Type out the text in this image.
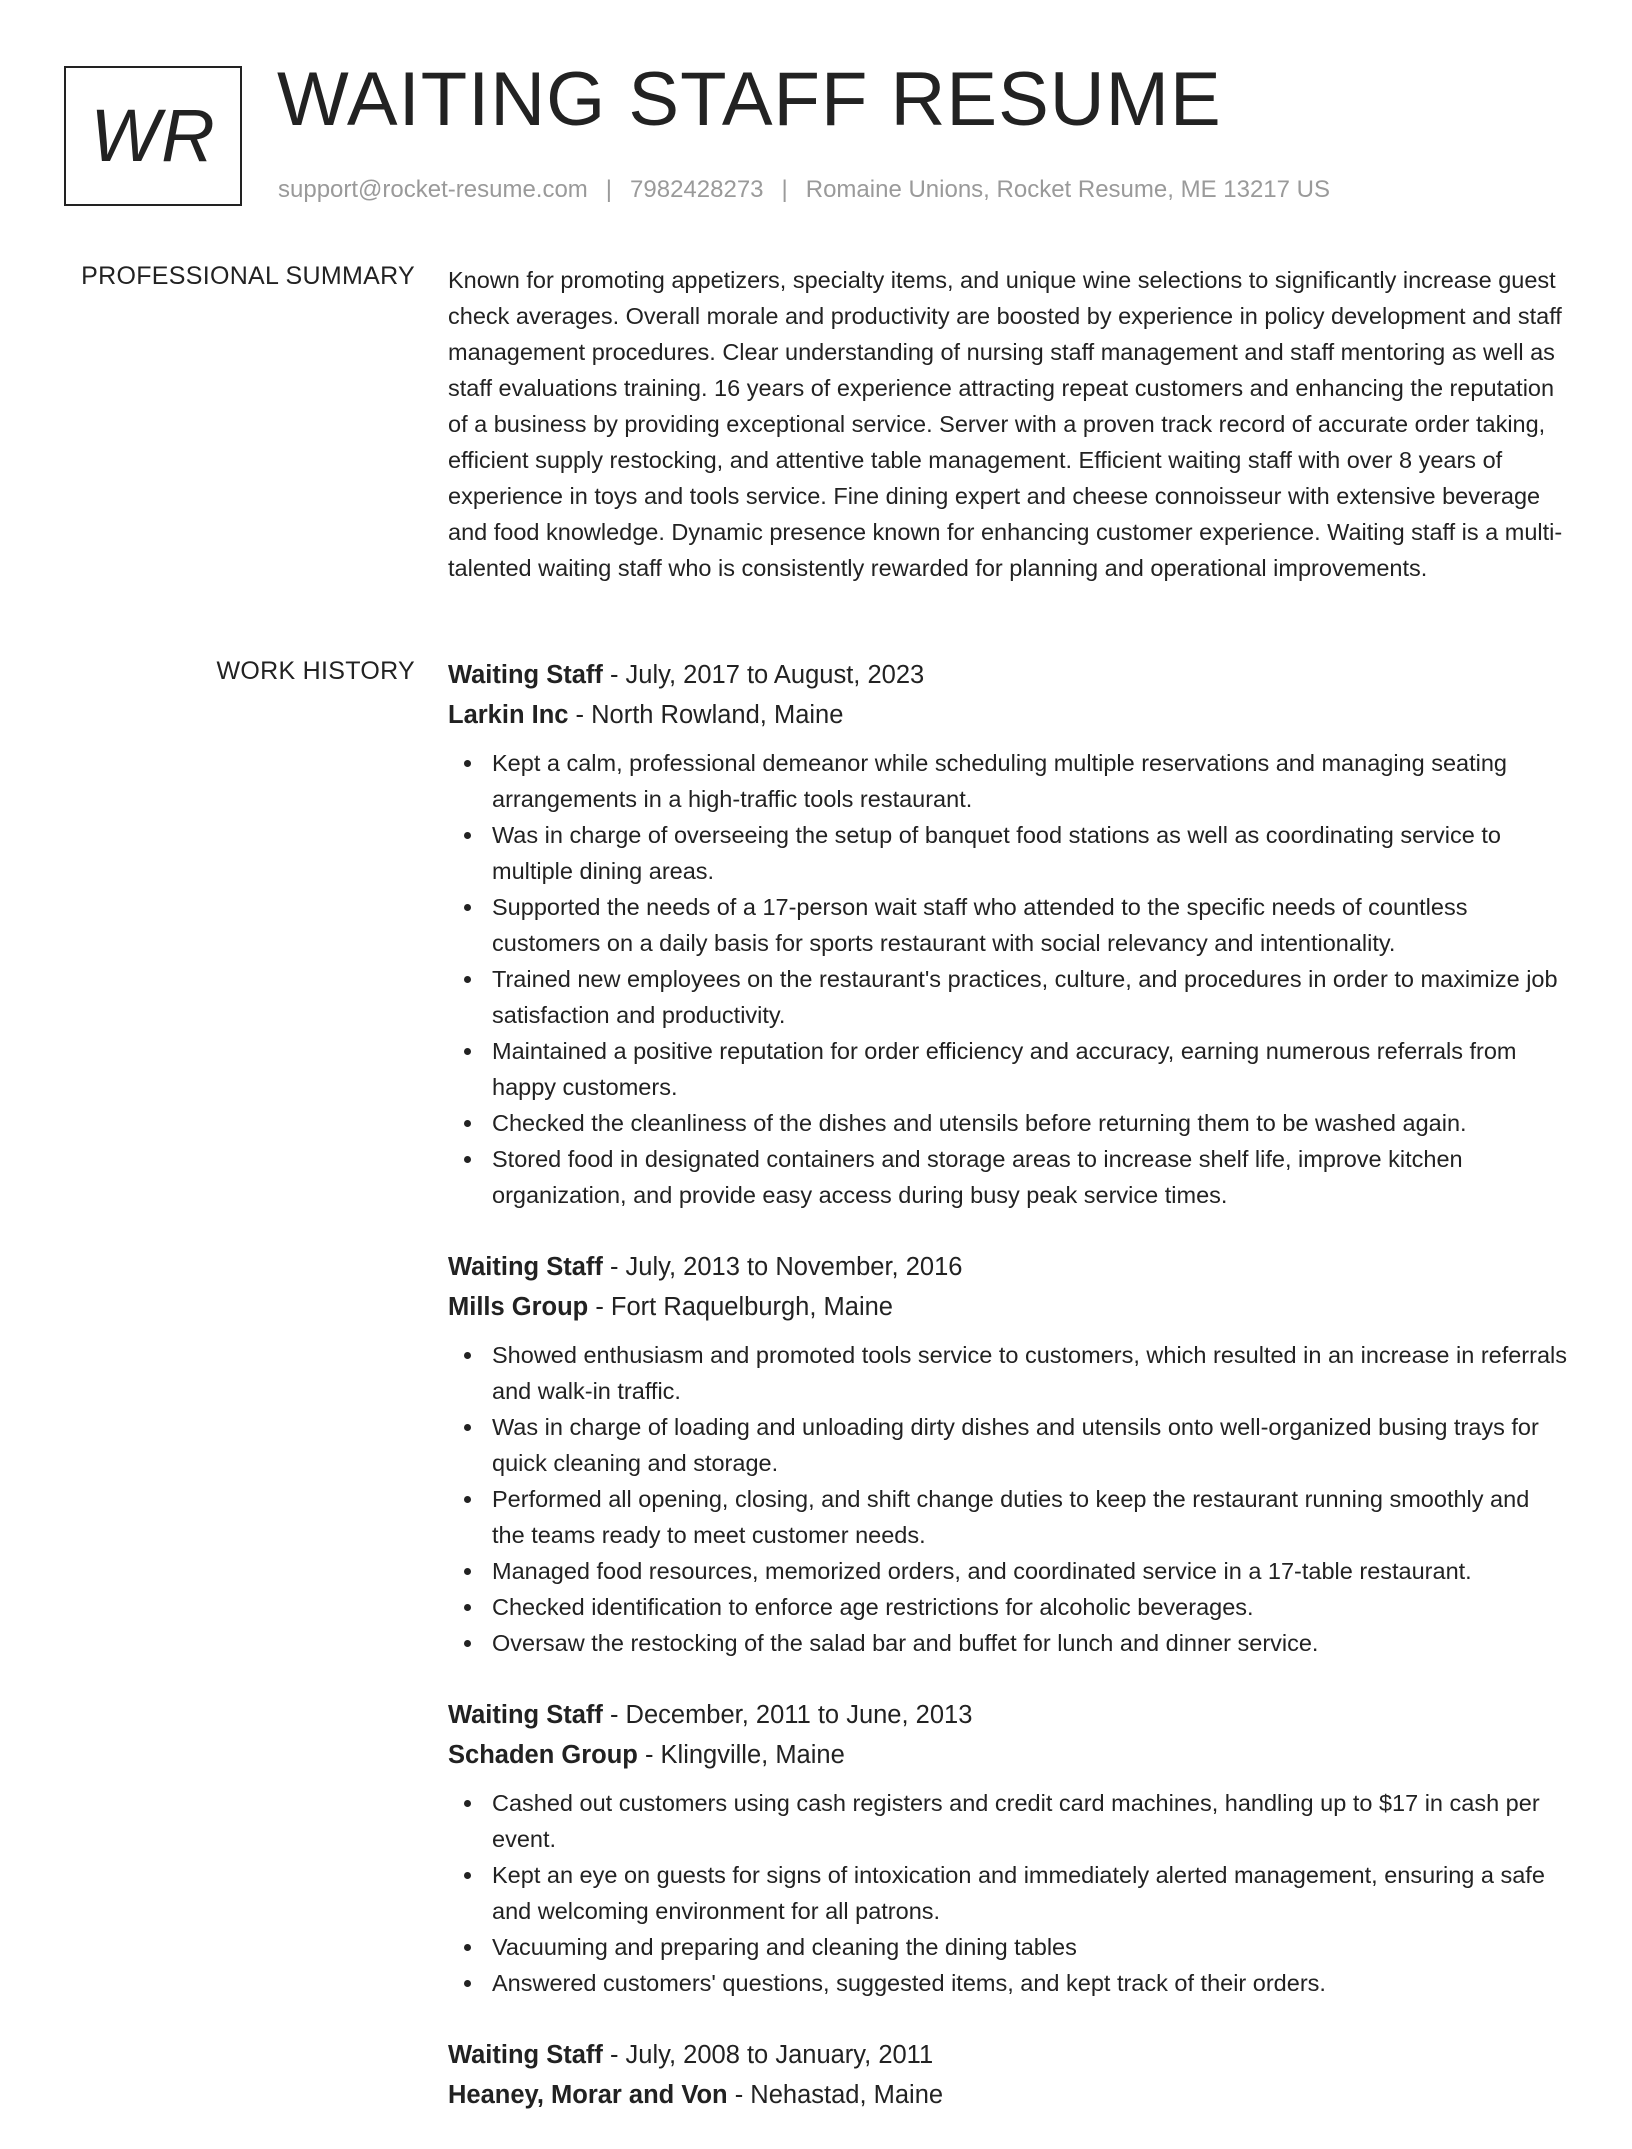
WR WAITING STAFF RESUME
support@rocket-resume.com | 7982428273 | Romaine Unions, Rocket Resume, ME 13217 US
PROFESSIONAL SUMMARY Known for promoting appetizers, specialty items, and unique wine selections to significantly increase guest check averages. Overall morale and productivity are boosted by experience in policy development and staff management procedures. Clear understanding of nursing staff management and staff mentoring as well as staff evaluations training. 16 years of experience attracting repeat customers and enhancing the reputation of a business by providing exceptional service. Server with a proven track record of accurate order taking, efficient supply restocking, and attentive table management. Efficient waiting staff with over 8 years of experience in toys and tools service. Fine dining expert and cheese connoisseur with extensive beverage and food knowledge. Dynamic presence known for enhancing customer experience. Waiting staff is a multi-talented waiting staff who is consistently rewarded for planning and operational improvements.
WORK HISTORY Waiting Staff - July, 2017 to August, 2023
Larkin Inc - North Rowland, Maine
Kept a calm, professional demeanor while scheduling multiple reservations and managing seating arrangements in a high-traffic tools restaurant.
Was in charge of overseeing the setup of banquet food stations as well as coordinating service to multiple dining areas.
Supported the needs of a 17-person wait staff who attended to the specific needs of countless customers on a daily basis for sports restaurant with social relevancy and intentionality.
Trained new employees on the restaurant's practices, culture, and procedures in order to maximize job satisfaction and productivity.
Maintained a positive reputation for order efficiency and accuracy, earning numerous referrals from happy customers.
Checked the cleanliness of the dishes and utensils before returning them to be washed again.
Stored food in designated containers and storage areas to increase shelf life, improve kitchen organization, and provide easy access during busy peak service times.
Waiting Staff - July, 2013 to November, 2016
Mills Group - Fort Raquelburgh, Maine
Showed enthusiasm and promoted tools service to customers, which resulted in an increase in referrals and walk-in traffic.
Was in charge of loading and unloading dirty dishes and utensils onto well-organized busing trays for quick cleaning and storage.
Performed all opening, closing, and shift change duties to keep the restaurant running smoothly and the teams ready to meet customer needs.
Managed food resources, memorized orders, and coordinated service in a 17-table restaurant.
Checked identification to enforce age restrictions for alcoholic beverages.
Oversaw the restocking of the salad bar and buffet for lunch and dinner service.
Waiting Staff - December, 2011 to June, 2013
Schaden Group - Klingville, Maine
Cashed out customers using cash registers and credit card machines, handling up to $17 in cash per event.
Kept an eye on guests for signs of intoxication and immediately alerted management, ensuring a safe and welcoming environment for all patrons.
Vacuuming and preparing and cleaning the dining tables
Answered customers' questions, suggested items, and kept track of their orders.
Waiting Staff - July, 2008 to January, 2011
Heaney, Morar and Von - Nehastad, Maine
